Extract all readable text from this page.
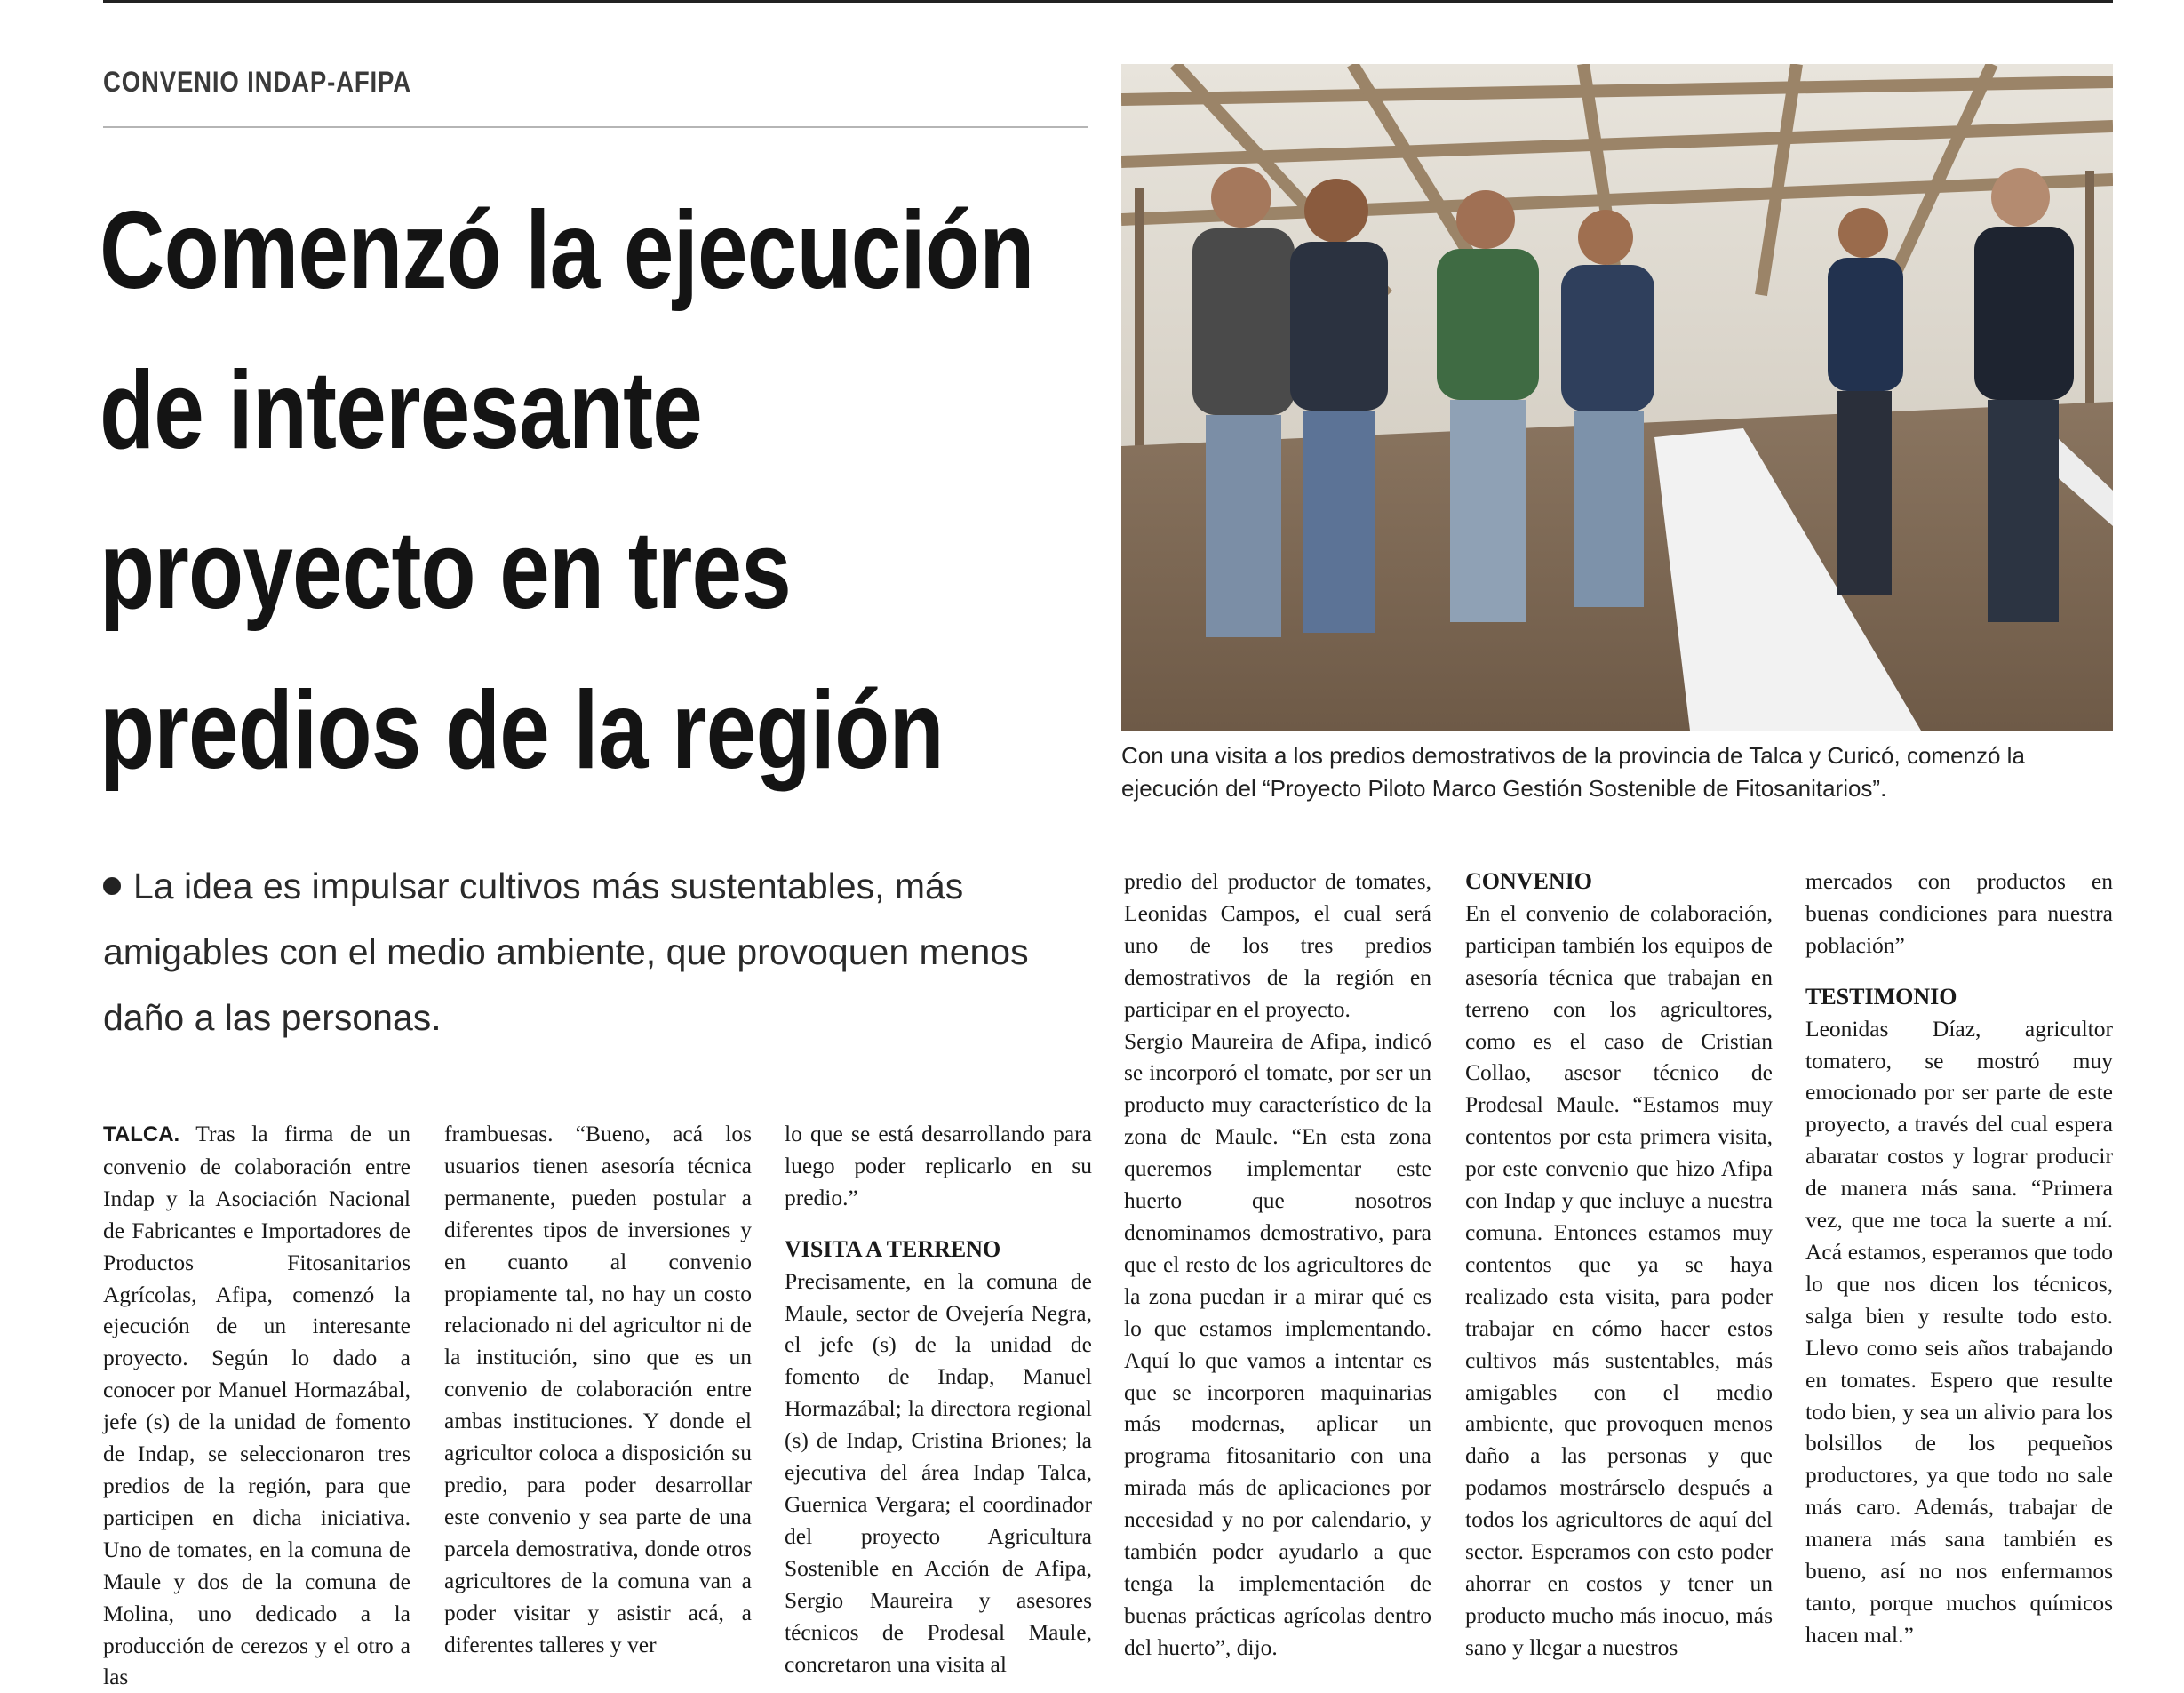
CONVENIO INDAP-AFIPA
Comenzó la ejecución
de interesante
proyecto en tres
predios de la región	Con una visita a los predios demostrativos de la provincia de Talca y Curicó, comenzó la ejecución del “Proyecto Piloto Marco Gestión Sostenible de Fitosanitarios”.
La idea es impulsar cultivos más sustentables, más amigables con el medio ambiente, que provoquen menos daño a las personas.

TALCA. Tras la firma de un convenio de colaboración entre Indap y la Asociación Nacional de Fabricantes e Importadores de Productos Fitosanitarios Agrícolas, Afipa, comenzó la ejecución de un interesante proyecto. Según lo dado a conocer por Manuel Hormazábal, jefe (s) de la unidad de fomento de Indap, se seleccionaron tres predios de la región, para que participen en dicha iniciativa. Uno de tomates, en la comuna de Maule y dos de la comuna de Molina, uno dedicado a la producción de cerezos y el otro a las

frambuesas. “Bueno, acá los usuarios tienen asesoría técnica permanente, pueden postular a diferentes tipos de inversiones y en cuanto al convenio propiamente tal, no hay un costo relacionado ni del agricultor ni de la institución, sino que es un convenio de colaboración entre ambas instituciones. Y donde el agricultor coloca a disposición su predio, para poder desarrollar este convenio y sea parte de una parcela demostrativa, donde otros agricultores de la comuna van a poder visitar y asistir acá, a diferentes talleres y ver

lo que se está desarrollando para luego poder replicarlo en su predio.”

VISITA A TERRENO

Precisamente, en la comuna de Maule, sector de Ovejería Negra, el jefe (s) de la unidad de fomento de Indap, Manuel Hormazábal; la directora regional (s) de Indap, Cristina Briones; la ejecutiva del área Indap Talca, Guernica Vergara; el coordinador del proyecto Agricultura Sostenible en Acción de Afipa, Sergio Maureira y asesores técnicos de Prodesal Maule, concretaron una visita al

predio del productor de tomates, Leonidas Campos, el cual será uno de los tres predios demostrativos de la región en participar en el proyecto.

Sergio Maureira de Afipa, indicó se incorporó el tomate, por ser un producto muy característico de la zona de Maule. “En esta zona queremos implementar este huerto que nosotros denominamos demostrativo, para que el resto de los agricultores de la zona puedan ir a mirar qué es lo que estamos implementando. Aquí lo que vamos a intentar es que se incorporen maquinarias más modernas, aplicar un programa fitosanitario con una mirada más de aplicaciones por necesidad y no por calendario, y también poder ayudarlo a que tenga la implementación de buenas prácticas agrícolas dentro del huerto”, dijo.

CONVENIO

En el convenio de colaboración, participan también los equipos de asesoría técnica que trabajan en terreno con los agricultores, como es el caso de Cristian Collao, asesor técnico de Prodesal Maule. “Estamos muy contentos por esta primera visita, por este convenio que hizo Afipa con Indap y que incluye a nuestra comuna. Entonces estamos muy contentos que ya se haya realizado esta visita, para poder trabajar en cómo hacer estos cultivos más sustentables, más amigables con el medio ambiente, que provoquen menos daño a las personas y que podamos mostrárselo después a todos los agricultores de aquí del sector. Esperamos con esto poder ahorrar en costos y tener un producto mucho más inocuo, más sano y llegar a nuestros

mercados con productos en buenas condiciones para nuestra población”

TESTIMONIO

Leonidas Díaz, agricultor tomatero, se mostró muy emocionado por ser parte de este proyecto, a través del cual espera abaratar costos y lograr producir de manera más sana. “Primera vez, que me toca la suerte a mí. Acá estamos, esperamos que todo lo que nos dicen los técnicos, salga bien y resulte todo esto. Llevo como seis años trabajando en tomates. Espero que resulte todo bien, y sea un alivio para los bolsillos de los pequeños productores, ya que todo no sale más caro. Además, trabajar de manera más sana también es bueno, así no nos enfermamos tanto, porque muchos químicos hacen mal.”
